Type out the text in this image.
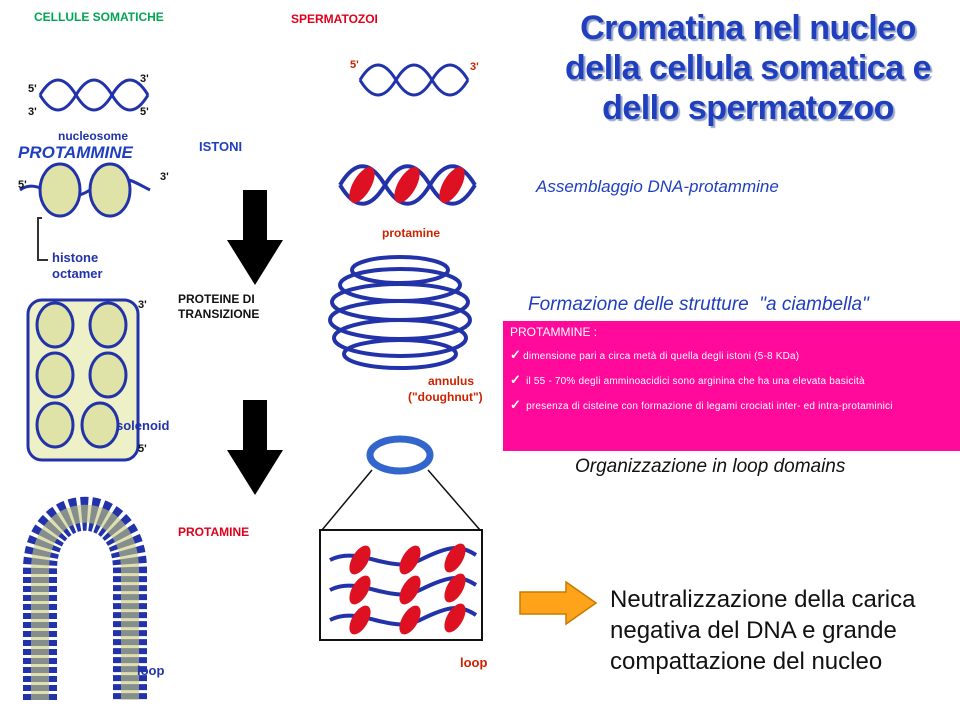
CELLULE SOMATICHE	SPERMATOZOI
PROTAMMINE	ISTONI
PROTEINE DI
TRANSIZIONE
PROTAMINE
5'
3'
3'	5'
nucleosome
5'
3'
histone
octamer
3'
5'
solenoid
loop
5'	3'
protamine
annulus
("doughnut")
loop
Cromatina nel nucleo
della cellula somatica e
dello spermatozoo
Assemblaggio DNA-protammine
Formazione delle strutture  "a ciambella"
PROTAMMINE :
✓ dimensione pari a circa metà di quella degli istoni (5-8 KDa)
✓ il 55 - 70% degli amminoacidici sono arginina che ha una elevata basicità
✓ presenza di cisteine con formazione di legami crociati inter- ed intra-protaminici
Organizzazione in loop domains
Neutralizzazione della carica
negativa del DNA e grande
compattazione del nucleo
